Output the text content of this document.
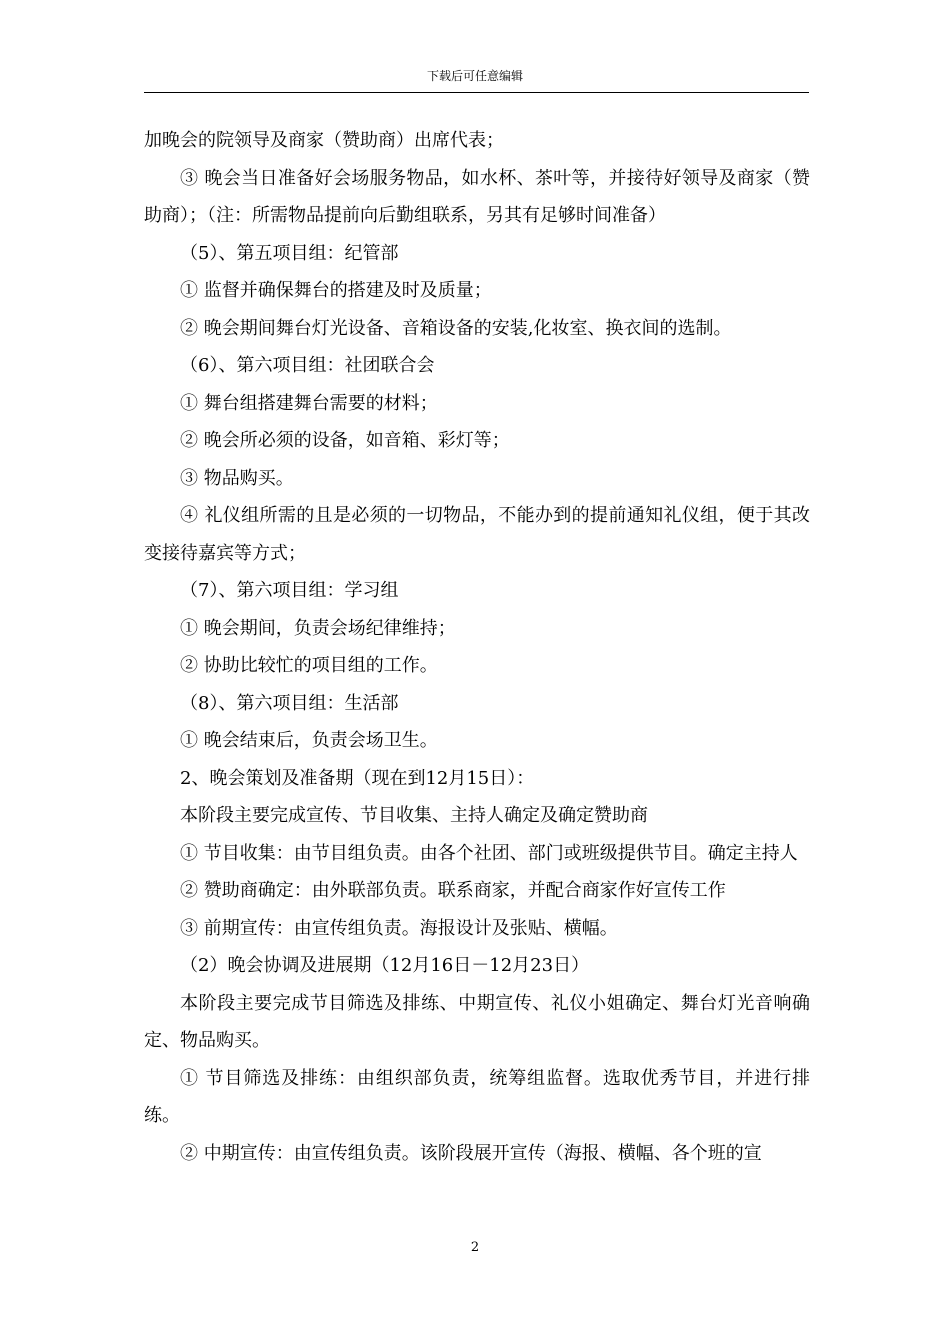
下载后可任意编辑

加晚会的院领导及商家（赞助商）出席代表；

③ 晚会当日准备好会场服务物品，如水杯、茶叶等，并接待好领导及商家（赞助商）；（注：所需物品提前向后勤组联系，另其有足够时间准备）

（5）、第五项目组：纪管部

① 监督并确保舞台的搭建及时及质量；

② 晚会期间舞台灯光设备、音箱设备的安装,化妆室、换衣间的选制。

（6）、第六项目组：社团联合会

① 舞台组搭建舞台需要的材料；

② 晚会所必须的设备，如音箱、彩灯等；

③ 物品购买。

④ 礼仪组所需的且是必须的一切物品，不能办到的提前通知礼仪组，便于其改变接待嘉宾等方式；

（7）、第六项目组：学习组

① 晚会期间，负责会场纪律维持；

② 协助比较忙的项目组的工作。

（8）、第六项目组：生活部

① 晚会结束后，负责会场卫生。

2、晚会策划及准备期（现在到12月15日）：

本阶段主要完成宣传、节目收集、主持人确定及确定赞助商

① 节目收集：由节目组负责。由各个社团、部门或班级提供节目。确定主持人

② 赞助商确定：由外联部负责。联系商家，并配合商家作好宣传工作

③ 前期宣传：由宣传组负责。海报设计及张贴、横幅。

（2）晚会协调及进展期（12月16日－12月23日）

本阶段主要完成节目筛选及排练、中期宣传、礼仪小姐确定、舞台灯光音响确定、物品购买。

① 节目筛选及排练：由组织部负责，统筹组监督。选取优秀节目，并进行排练。

② 中期宣传：由宣传组负责。该阶段展开宣传（海报、横幅、各个班的宣

2
